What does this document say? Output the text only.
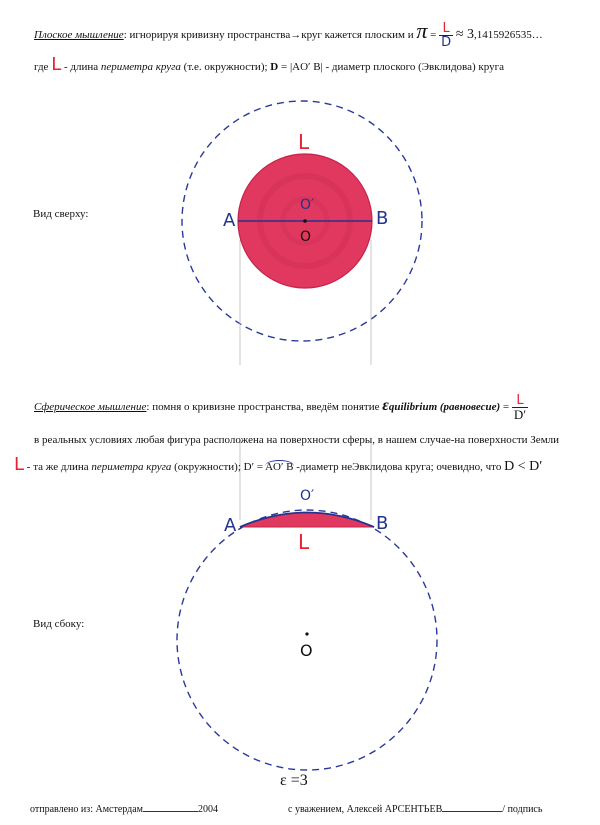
Плоское мышление: игнорируя кривизну пространства→круг кажется плоским и $\pi = \frac{L}{D}$ ≈ 3,1415926535…
где L - длина периметра круга (т.е. окружности); D = |AO′ B| - диаметр плоского (Эвклидова) круга
Вид сверху:
L
A	B
O′
O
Сферическое мышление: помня о кривизне пространства, введём понятие εquilibrium (равновесие) = $\frac{L}{D'}$
в реальных условиях любая фигура расположена на поверхности сферы, в нашем случае-на поверхности Земли
L - та же длина периметра круга (окружности); D′ = AO′ B -диаметр неЭвклидова круга; очевидно, что D < D′
A	B
O′
L
O
Вид сбоку:
ε =3
отправлено из: Амстердам	2004	с уважением, Алексей АРСЕНТЬЕВ	/ подпись
